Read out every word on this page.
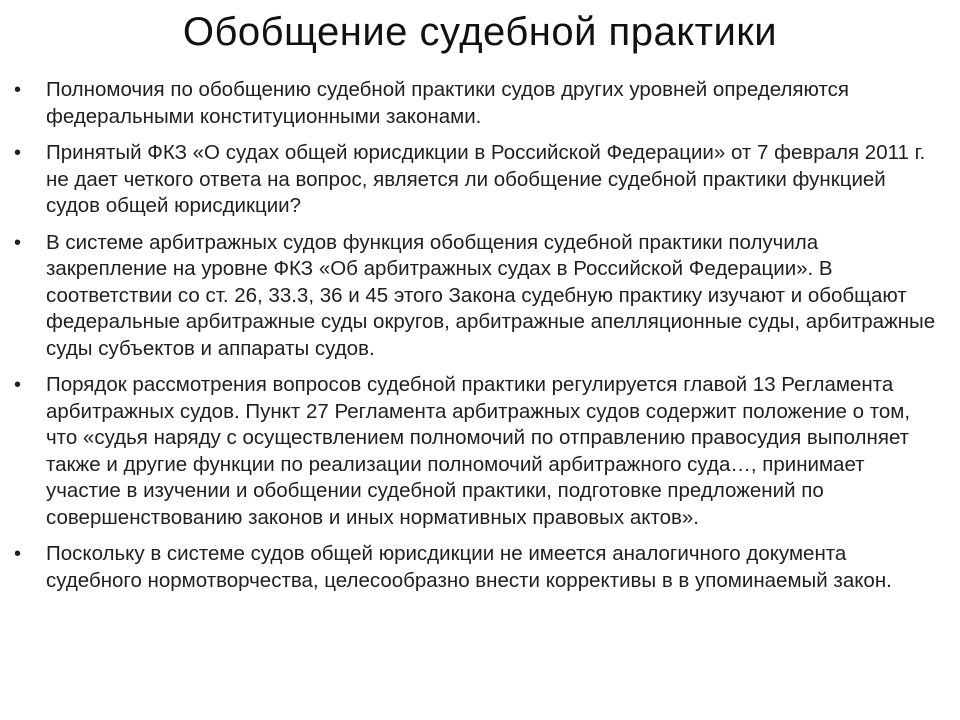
Обобщение судебной практики
•	Полномочия по обобщению судебной практики судов других уровней определяются федеральными конституционными законами.
•	Принятый ФКЗ «О судах общей юрисдикции в Российской Федерации» от 7 февраля 2011 г. не дает четкого ответа на вопрос, является ли обобщение судебной практики функцией судов общей юрисдикции?
•	В системе арбитражных судов функция обобщения судебной практики получила закрепление на уровне ФКЗ «Об арбитражных судах в Российской Федерации». В соответствии со ст. 26, 33.3, 36 и 45 этого Закона судебную практику изучают и обобщают федеральные арбитражные суды округов, арбитражные апелляционные суды, арбитражные суды субъектов и аппараты судов.
•	Порядок рассмотрения вопросов судебной практики регулируется главой 13 Регламента арбитражных судов. Пункт 27 Регламента арбитражных судов содержит положение о том, что «судья наряду с осуществлением полномочий по отправлению правосудия выполняет также и другие функции по реализации полномочий арбитражного суда…, принимает участие в изучении и обобщении судебной практики, подготовке предложений по совершенствованию законов и иных нормативных правовых актов».
•	Поскольку в системе судов общей юрисдикции не имеется аналогичного документа судебного нормотворчества, целесообразно внести коррективы в в упоминаемый закон.
